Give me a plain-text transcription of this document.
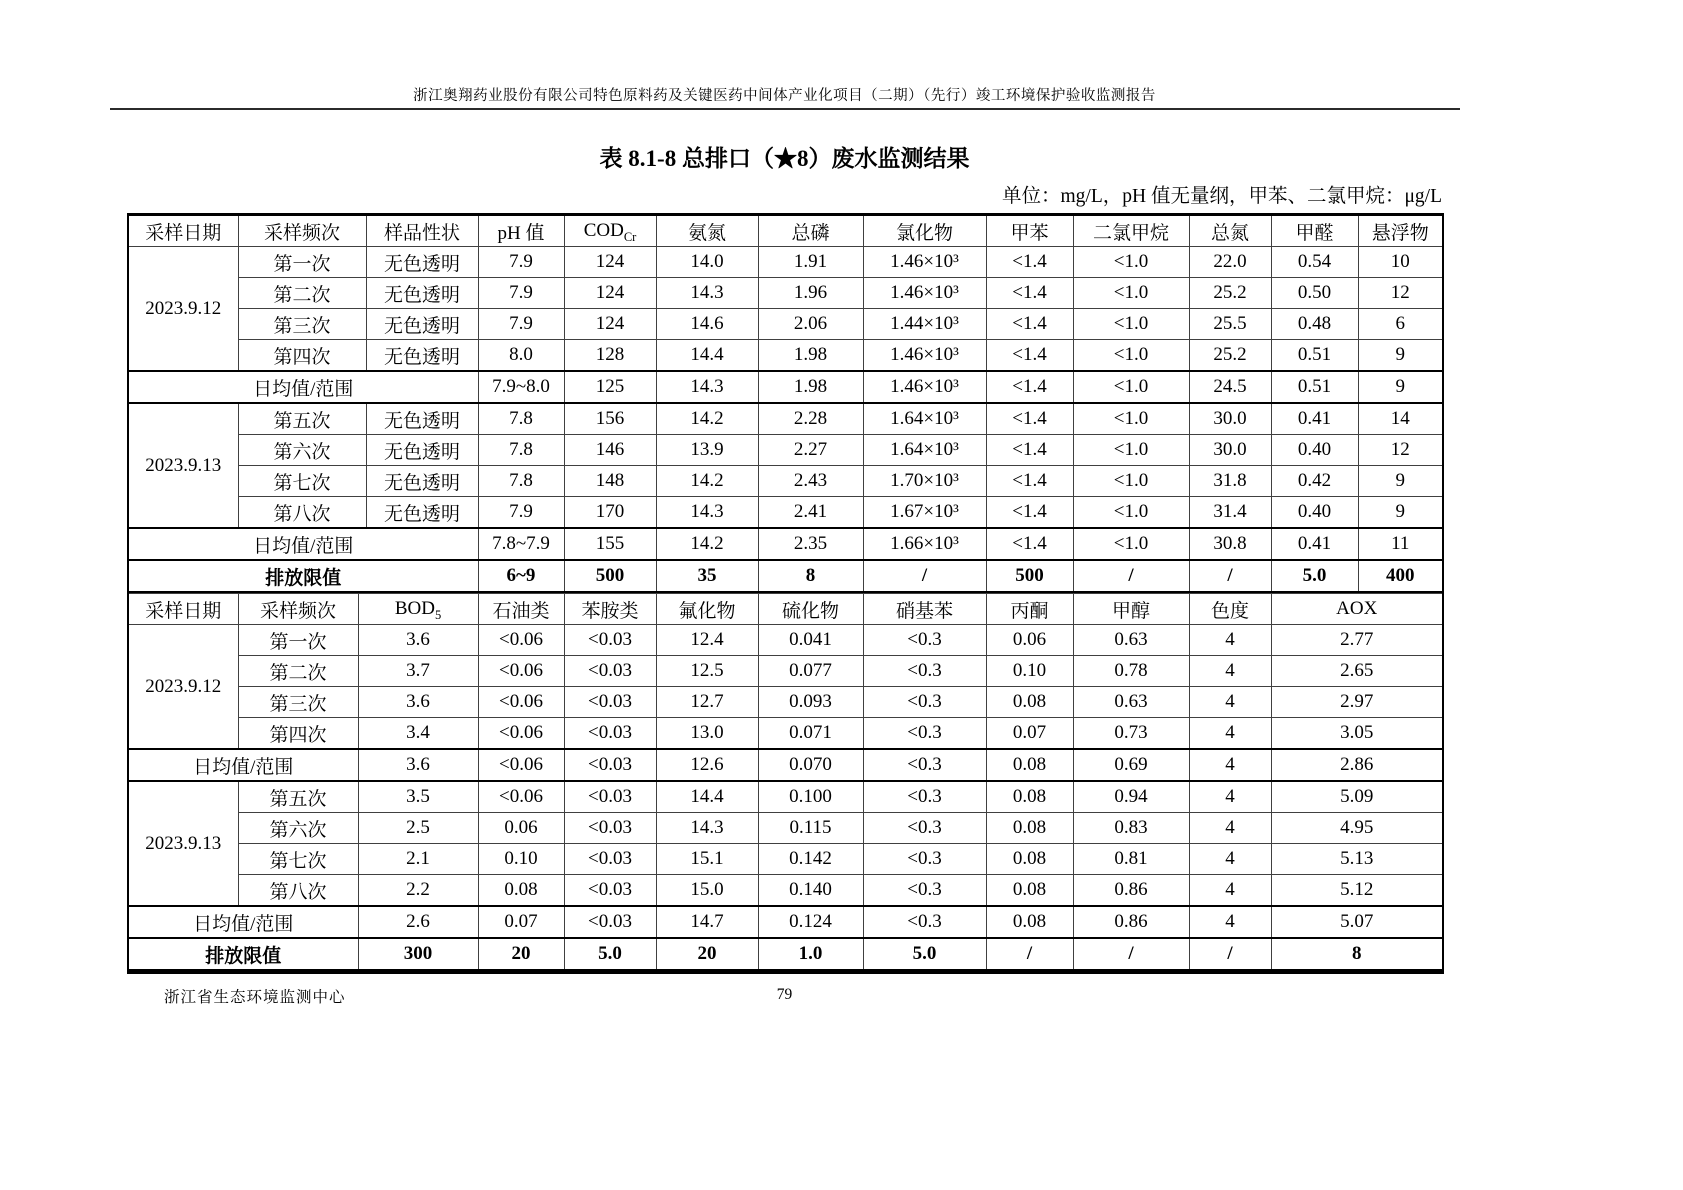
浙江奥翔药业股份有限公司特色原料药及关键医药中间体产业化项目（二期）（先行）竣工环境保护验收监测报告
表 8.1-8 总排口（★8）废水监测结果
单位：mg/L，pH 值无量纲，甲苯、二氯甲烷：μg/L
采样日期	采样频次	样品性状	pH 值	$COD_{Cr}$	氨氮	总磷	氯化物	甲苯	二氯甲烷	总氮	甲醛	悬浮物
2023.9.12	第一次	无色透明	7.9	124	14.0	1.91	1.46×10³	<1.4	<1.0	22.0	0.54	10
	第二次	无色透明	7.9	124	14.3	1.96	1.46×10³	<1.4	<1.0	25.2	0.50	12
	第三次	无色透明	7.9	124	14.6	2.06	1.44×10³	<1.4	<1.0	25.5	0.48	6
	第四次	无色透明	8.0	128	14.4	1.98	1.46×10³	<1.4	<1.0	25.2	0.51	9
日均值/范围			7.9~8.0	125	14.3	1.98	1.46×10³	<1.4	<1.0	24.5	0.51	9
2023.9.13	第五次	无色透明	7.8	156	14.2	2.28	1.64×10³	<1.4	<1.0	30.0	0.41	14
	第六次	无色透明	7.8	146	13.9	2.27	1.64×10³	<1.4	<1.0	30.0	0.40	12
	第七次	无色透明	7.8	148	14.2	2.43	1.70×10³	<1.4	<1.0	31.8	0.42	9
	第八次	无色透明	7.9	170	14.3	2.41	1.67×10³	<1.4	<1.0	31.4	0.40	9
日均值/范围			7.8~7.9	155	14.2	2.35	1.66×10³	<1.4	<1.0	30.8	0.41	11
排放限值			6~9	500	35	8	/	500	/	/	5.0	400
采样日期	采样频次	$BOD_5$	石油类	苯胺类	氟化物	硫化物	硝基苯	丙酮	甲醇	色度	AOX
2023.9.12	第一次	3.6	<0.06	<0.03	12.4	0.041	<0.3	0.06	0.63	4	2.77
	第二次	3.7	<0.06	<0.03	12.5	0.077	<0.3	0.10	0.78	4	2.65
	第三次	3.6	<0.06	<0.03	12.7	0.093	<0.3	0.08	0.63	4	2.97
	第四次	3.4	<0.06	<0.03	13.0	0.071	<0.3	0.07	0.73	4	3.05
日均值/范围		3.6	<0.06	<0.03	12.6	0.070	<0.3	0.08	0.69	4	2.86
2023.9.13	第五次	3.5	<0.06	<0.03	14.4	0.100	<0.3	0.08	0.94	4	5.09
	第六次	2.5	0.06	<0.03	14.3	0.115	<0.3	0.08	0.83	4	4.95
	第七次	2.1	0.10	<0.03	15.1	0.142	<0.3	0.08	0.81	4	5.13
	第八次	2.2	0.08	<0.03	15.0	0.140	<0.3	0.08	0.86	4	5.12
日均值/范围		2.6	0.07	<0.03	14.7	0.124	<0.3	0.08	0.86	4	5.07
排放限值		300	20	5.0	20	1.0	5.0	/	/	/	8
浙江省生态环境监测中心	79
